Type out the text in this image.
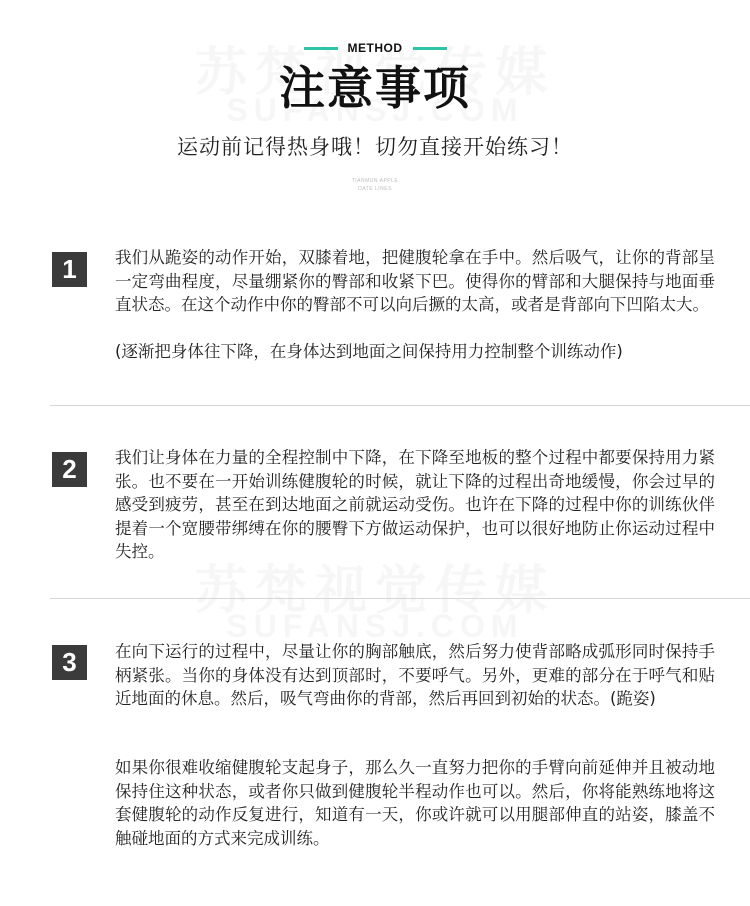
METHOD
注意事项
运动前记得热身哦！切勿直接开始练习！
TIANMUN APPLE
DATE LINES
1	我们从跪姿的动作开始，双膝着地，把健腹轮拿在手中。然后吸气，让你的背部呈一定弯曲程度，尽量绷紧你的臀部和收紧下巴。使得你的臂部和大腿保持与地面垂直状态。在这个动作中你的臀部不可以向后撅的太高，或者是背部向下凹陷太大。

(逐渐把身体往下降，在身体达到地面之间保持用力控制整个训练动作)

2	我们让身体在力量的全程控制中下降，在下降至地板的整个过程中都要保持用力紧张。也不要在一开始训练健腹轮的时候，就让下降的过程出奇地缓慢，你会过早的感受到疲劳，甚至在到达地面之前就运动受伤。也许在下降的过程中你的训练伙伴提着一个宽腰带绑缚在你的腰臀下方做运动保护，也可以很好地防止你运动过程中失控。

3	在向下运行的过程中，尽量让你的胸部触底，然后努力使背部略成弧形同时保持手柄紧张。当你的身体没有达到顶部时，不要呼气。另外，更难的部分在于呼气和贴近地面的休息。然后，吸气弯曲你的背部，然后再回到初始的状态。(跪姿)

如果你很难收缩健腹轮支起身子，那么久一直努力把你的手臂向前延伸并且被动地保持住这种状态，或者你只做到健腹轮半程动作也可以。然后，你将能熟练地将这套健腹轮的动作反复进行，知道有一天，你或许就可以用腿部伸直的站姿，膝盖不触碰地面的方式来完成训练。
